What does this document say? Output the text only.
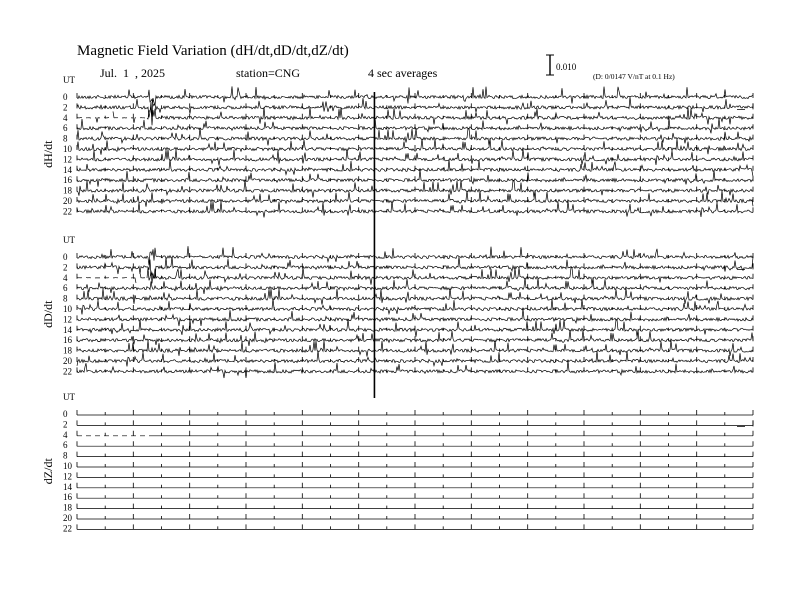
Magnetic Field Variation (dH/dt,dD/dt,dZ/dt)
Jul.  1  , 2025	station=CNG	4 sec averages	0.010
(D: 0/0147 V/nT at 0.1 Hz)
UT
dH/dt
0
2
4
6
8
10
12
14
16
18
20
22
UT
dD/dt
0
2
4
6
8
10
12
14
16
18
20
22
UT
dZ/dt
0
2
4
6
8
10
12
14
16
18
20
22
